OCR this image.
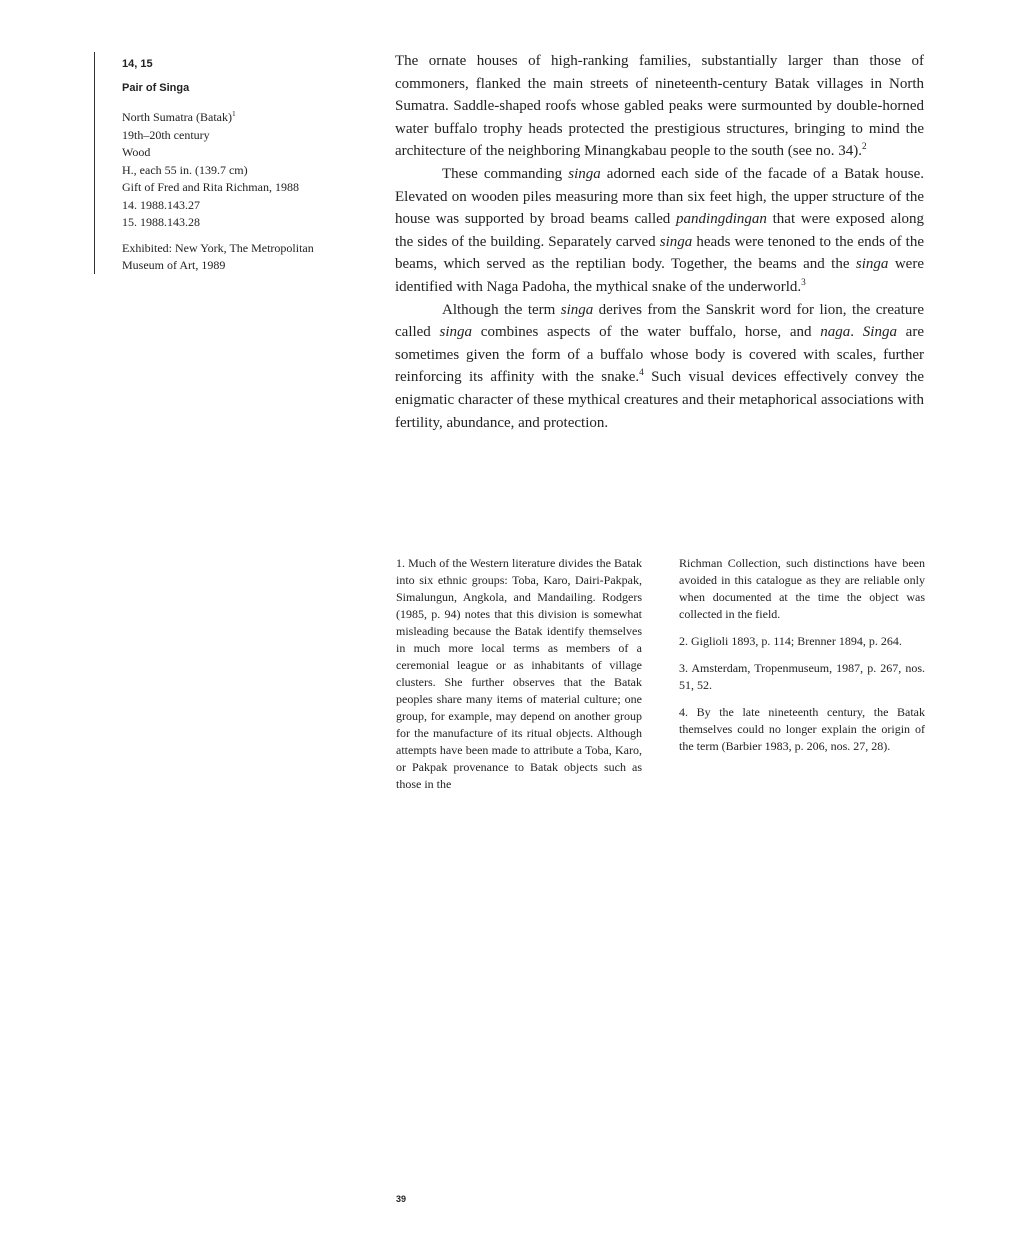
14, 15

Pair of Singa

North Sumatra (Batak)$^1$
19th–20th century
Wood
H., each 55 in. (139.7 cm)
Gift of Fred and Rita Richman, 1988
14. 1988.143.27
15. 1988.143.28
Exhibited: New York, The Metropolitan Museum of Art, 1989

The ornate houses of high-ranking families, substantially larger than those of commoners, flanked the main streets of nineteenth-century Batak villages in North Sumatra. Saddle-shaped roofs whose gabled peaks were surmounted by double-horned water buffalo trophy heads protected the prestigious structures, bringing to mind the architecture of the neighboring Minangkabau people to the south (see no. 34).$^2$

These commanding singa adorned each side of the facade of a Batak house. Elevated on wooden piles measuring more than six feet high, the upper structure of the house was supported by broad beams called pandingdingan that were exposed along the sides of the building. Separately carved singa heads were tenoned to the ends of the beams, which served as the reptilian body. Together, the beams and the singa were identified with Naga Padoha, the mythical snake of the underworld.$^3$

Although the term singa derives from the Sanskrit word for lion, the creature called singa combines aspects of the water buffalo, horse, and naga. Singa are sometimes given the form of a buffalo whose body is covered with scales, further reinforcing its affinity with the snake.$^4$ Such visual devices effectively convey the enigmatic character of these mythical creatures and their metaphorical associations with fertility, abundance, and protection.

1. Much of the Western literature divides the Batak into six ethnic groups: Toba, Karo, Dairi-Pakpak, Simalungun, Angkola, and Mandailing. Rodgers (1985, p. 94) notes that this division is somewhat misleading because the Batak identify themselves in much more local terms as members of a ceremonial league or as inhabitants of village clusters. She further observes that the Batak peoples share many items of material culture; one group, for example, may depend on another group for the manufacture of its ritual objects. Although attempts have been made to attribute a Toba, Karo, or Pakpak provenance to Batak objects such as those in the

Richman Collection, such distinctions have been avoided in this catalogue as they are reliable only when documented at the time the object was collected in the field.

2. Giglioli 1893, p. 114; Brenner 1894, p. 264.

3. Amsterdam, Tropenmuseum, 1987, p. 267, nos. 51, 52.

4. By the late nineteenth century, the Batak themselves could no longer explain the origin of the term (Barbier 1983, p. 206, nos. 27, 28).

39
